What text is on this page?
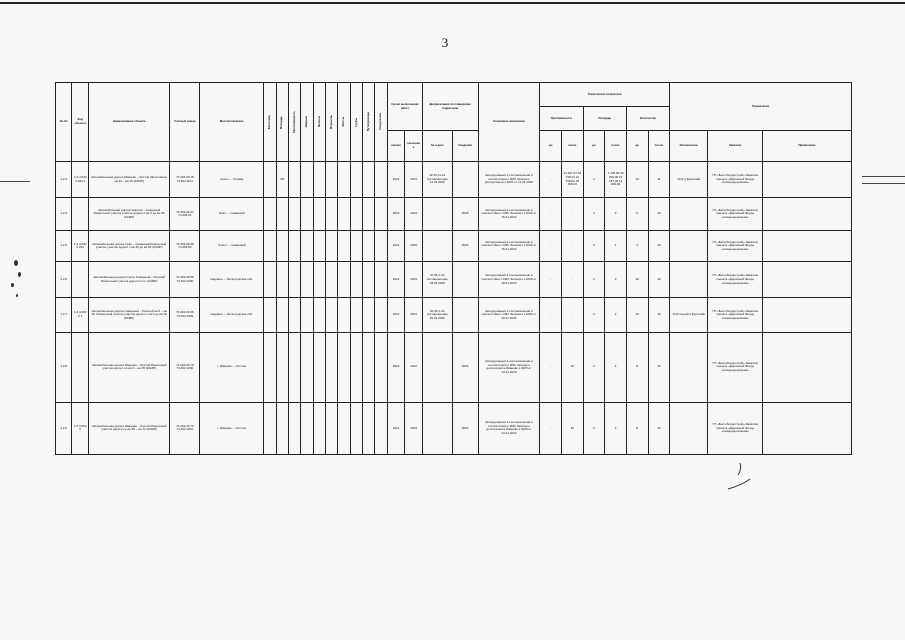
3
№ п/п	Код объекта	Наименование объекта	Учетный номер	Местоположение	Категория	Площадь	Протяжённость	Ширина	Полосы	Покрытие	Мосты	Трубы	Путепроводы	Сооружения	Сроки выполнения работ		Документация по планировке территории		Основание включения	Технические показатели						Примечание		
																				Протяжённость		Площадь		Количество				
															начало	окончание	№ и дата	Сведения		до	после	до	после	до	после	Исполнитель	Заказчик	Примечание
1.2.3	1.2.4.0000 223.4	Автомобильная дорога Иваново – Ростов (Ярославль) км 21 – км 45 (КАМР)	74:402:20:18 74:402:2011	Сокол — Русава		IIIII									2021	2021	№ 56-11-13 постановление 11.01.2020		Автодорожный в постановлении в соответствии с КМС Зелёного долгорсовета к 2025 от 12.01.2020	-	31 207,67 32 738,24 12 158,00 18 466,00	1	1 205,00 30 200,00 10 187,00 14 000,00	10	11	АО2 и Бурслайн	ГП «Белгоблдорстрой» Заказчик проекта «Дорожный Фонд» «Северодорожная»	
1.2.4		Автомобильная дорога Уралоск – Северный Ремонтный участок участок дороги с км 0 до км 45 (КАМР)	74:402:20:47 74:402:21	Урал — Северный											2023	2024		2025	Автодорожный в постановлении в соответствии с КМС Зелёного к 2025 от 15.01.2020	-	-	1	3	9	10		ГП «Белгоблдорстрой» Заказчик проекта «Дорожный Фонд» «Северодорожная»	
1.2.5	1.2.4.0000 224	Автомобильная дорога Урал – Северный Ремонтный участок участок дороги с км 45 до км 84 (КАМР)	74:402:20:49 74:402:83	Сокол — Северный											2024	2025		2026	Автодорожный в постановлении в соответствии с КМС Зелёного к 2025 от 15.01.2020	-	-	2	1	3	10		ГП «Белгоблдорстрой» Заказчик проекта «Дорожный Фонд» «Северодорожная»	
1.2.6		Автомобильная дорога Сокол Северный – Рогатый Ремонтный участок дороги по м. (КАМР)	74:402:20:55 74:402:1000	Надовое — Белгородская обл.											2021	2023	№ 56-1-13 постановление 18.01.2020		Автодорожный в постановлении в соответствии с КМС Зелёного к 2025 от 18.01.2020	-	-	1	3	10	10		ГП «Белгоблдорстрой» Заказчик проекта «Дорожный Фонд» «Северодорожная»	
1.2.7	1.2.4.0000 1	Автомобильная дорога Северный – Рогатый км 0 – км 26. Ремонтный участок участок дороги с км 0 до км 26 (КАМР)	74:402:20:66 74:402:1009	Надовое — Белгородская обл.											2022	2021	№ 56-1-13 постановление 20.01.2020		Автодорожный в постановлении в соответствии с КМС Зелёного к 2025 от 20.01.2020	-	-	2	2	10	10	АО2 Серый и Бурслайн	ГП «Белгоблдорстрой» Заказчик проекта «Дорожный Фонд» «Северодорожная»	
1.2.8		Автомобильная дорога Иваново – Ростов Ремонтный участок дороги по км 0 – км 45 (КАМР)	74:402:20:79 74:402:1000	г. Иваново — Ростов											2023	2022		2024	Автодорожный в постановлении в соответствии с КМС Зелёного долгорсовета Иваново к 2025 от 13.01.2020	-	10	2	4	8	10		ГП «Белгоблдорстрой» Заказчик проекта «Дорожный Фонд» «Северодорожная»	
1.2.9	1.2.4.0000	Автомобильная дорога Иваново – Ростов Ремонтный участок дороги по км 45 – км 72 (КАМР)	74:402:20:79 74:402:1001	г. Иваново — Ростов											2021	2023		2024	Автодорожный в постановлении в соответствии с КМС Зелёного долгорсовета Иваново к 2025 от 13.01.2020	-	10	2	2	8	10		ГП «Белгоблдорстрой» Заказчик проекта «Дорожный Фонд» «Северодорожная»	
